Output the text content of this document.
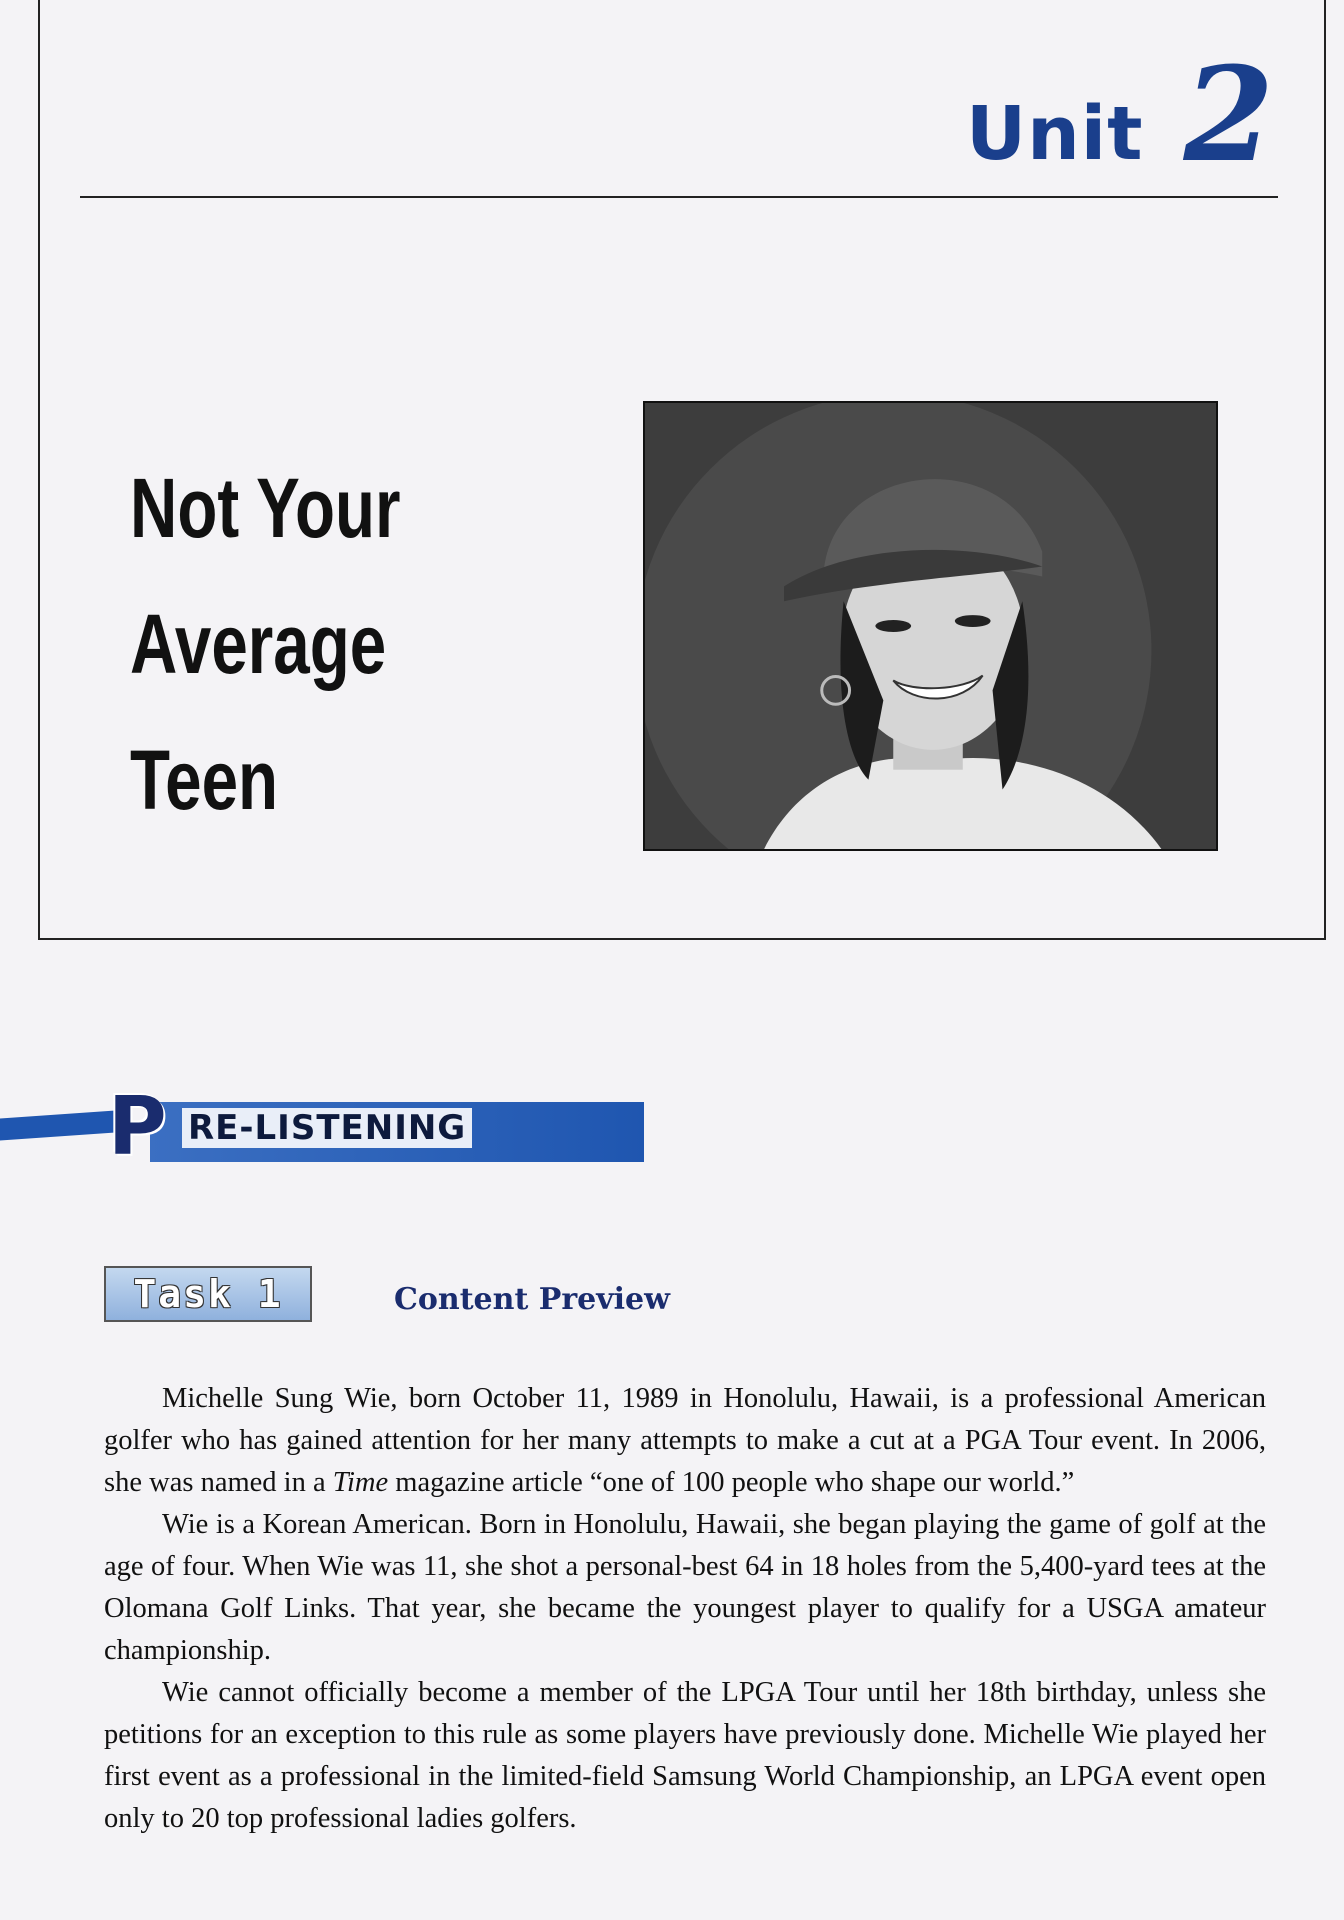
Unit 2
Not Your
Average
Teen
P RE-LISTENING
Task 1	Content Preview

Michelle Sung Wie, born October 11, 1989 in Honolulu, Hawaii, is a professional American golfer who has gained attention for her many attempts to make a cut at a PGA Tour event. In 2006, she was named in a Time magazine article “one of 100 people who shape our world.”

Wie is a Korean American. Born in Honolulu, Hawaii, she began playing the game of golf at the age of four. When Wie was 11, she shot a personal-best 64 in 18 holes from the 5,400-yard tees at the Olomana Golf Links. That year, she became the youngest player to qualify for a USGA amateur championship.

Wie cannot officially become a member of the LPGA Tour until her 18th birthday, unless she petitions for an exception to this rule as some players have previously done. Michelle Wie played her first event as a professional in the limited-field Samsung World Championship, an LPGA event open only to 20 top professional ladies golfers.
